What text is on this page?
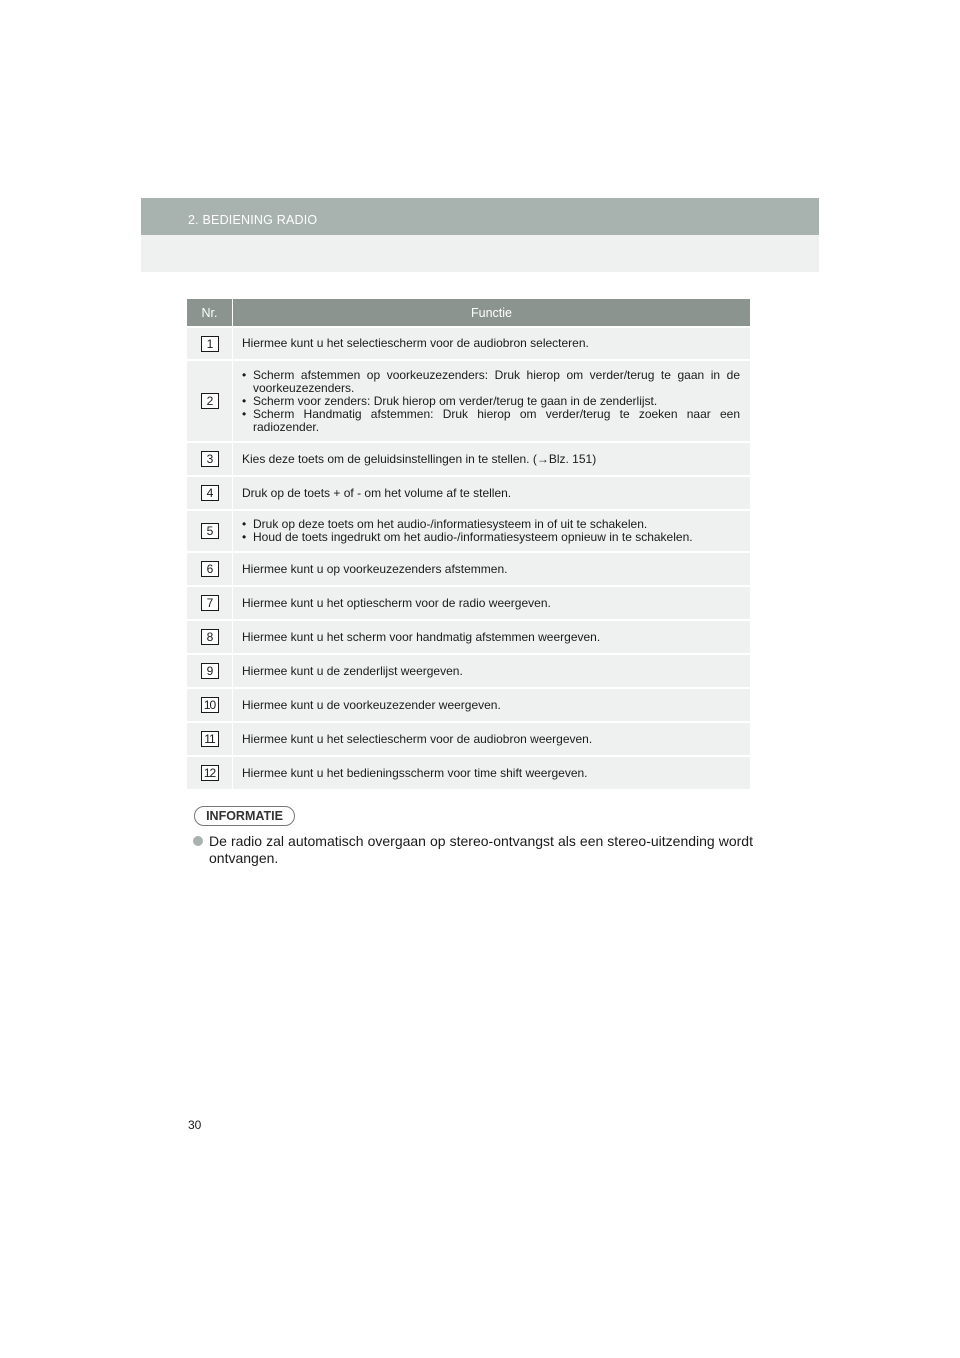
2. BEDIENING RADIO
Nr.	Functie
1	Hiermee kunt u het selectiescherm voor de audiobron selecteren.
2
• Scherm afstemmen op voorkeuzezenders: Druk hierop om verder/terug te gaan in de voorkeuzezenders.
• Scherm voor zenders: Druk hierop om verder/terug te gaan in de zenderlijst.
• Scherm Handmatig afstemmen: Druk hierop om verder/terug te zoeken naar een radiozender.
3	Kies deze toets om de geluidsinstellingen in te stellen. (→Blz. 151)
4	Druk op de toets + of - om het volume af te stellen.
5	• Druk op deze toets om het audio-/informatiesysteem in of uit te schakelen.
• Houd de toets ingedrukt om het audio-/informatiesysteem opnieuw in te schakelen.
6	Hiermee kunt u op voorkeuzezenders afstemmen.
7	Hiermee kunt u het optiescherm voor de radio weergeven.
8	Hiermee kunt u het scherm voor handmatig afstemmen weergeven.
9	Hiermee kunt u de zenderlijst weergeven.
10 Hiermee kunt u de voorkeuzezender weergeven.
11	Hiermee kunt u het selectiescherm voor de audiobron weergeven.
12 Hiermee kunt u het bedieningsscherm voor time shift weergeven.
INFORMATIE
De radio zal automatisch overgaan op stereo-ontvangst als een stereo-uitzending wordt ontvangen.
30
